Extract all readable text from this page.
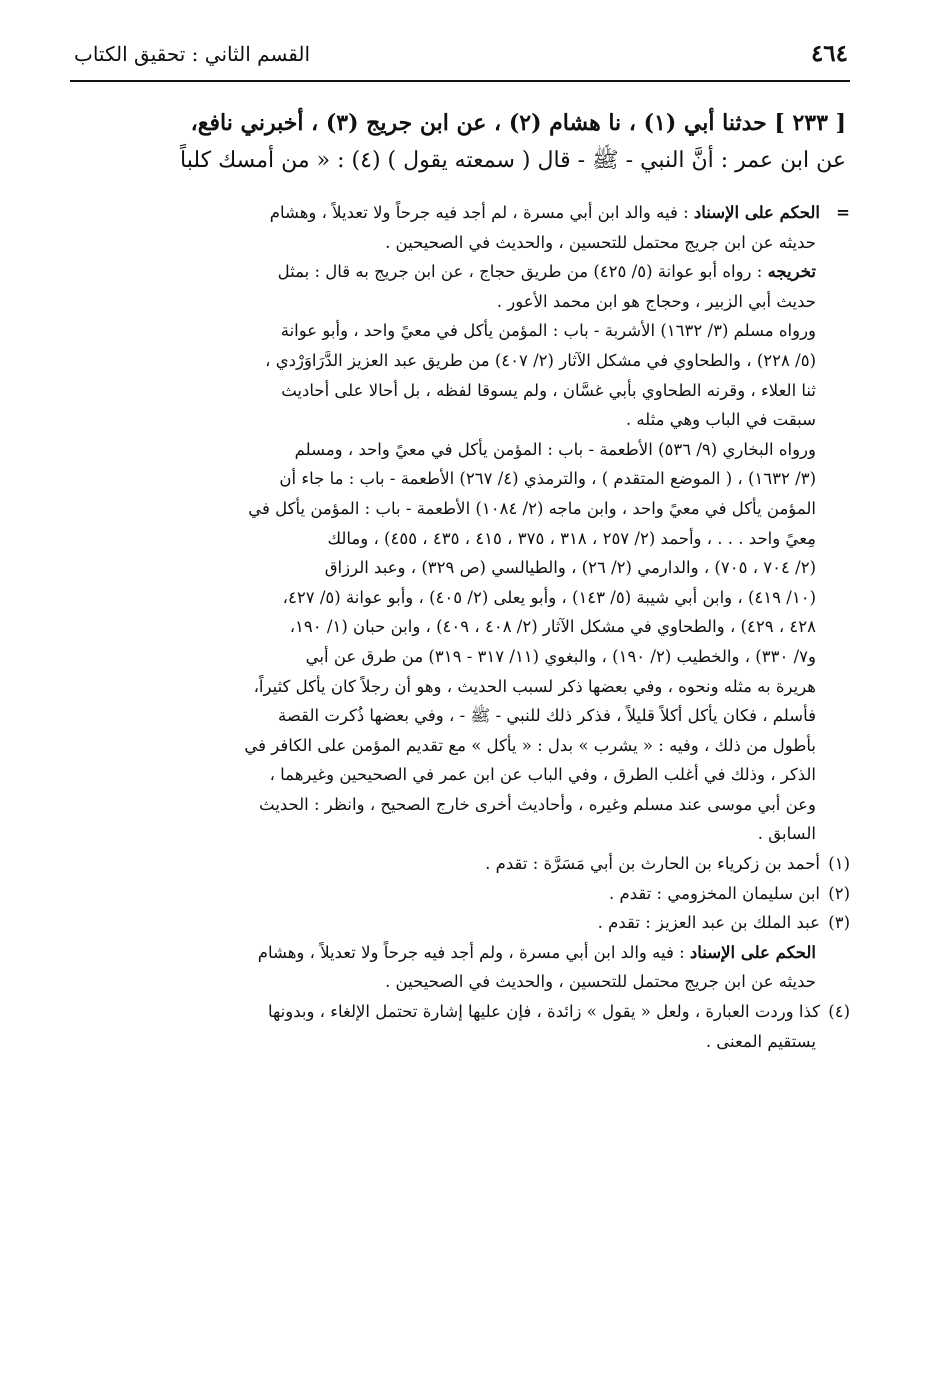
٤٦٤
القسم الثاني : تحقيق الكتاب
[ ٢٣٣ ] حدثنا أبي (١) ، نا هشام (٢) ، عن ابن جريج (٣) ، أخبرني نافع،
عن ابن عمر : أنَّ النبي - ﷺ - قال ( سمعته يقول ) (٤) : « من أمسك كلباً
=الحكم على الإسناد : فيه والد ابن أبي مسرة ، لم أجد فيه جرحاً ولا تعديلاً ، وهشام
حديثه عن ابن جريج محتمل للتحسين ، والحديث في الصحيحين .
تخريجه : رواه أبو عوانة (٥/ ٤٢٥) من طريق حجاج ، عن ابن جريج به قال : بمثل
حديث أبي الزبير ، وحجاج هو ابن محمد الأعور .
ورواه مسلم (٣/ ١٦٣٢) الأشربة - باب : المؤمن يأكل في معيً واحد ، وأبو عوانة
(٥/ ٢٢٨) ، والطحاوي في مشكل الآثار (٢/ ٤٠٧) من طريق عبد العزيز الدَّرَاوَرْدي ،
ثنا العلاء ، وقرنه الطحاوي بأبي غسَّان ، ولم يسوقا لفظه ، بل أحالا على أحاديث
سبقت في الباب وهي مثله .
ورواه البخاري (٩/ ٥٣٦) الأطعمة - باب : المؤمن يأكل في معيً واحد ، ومسلم
(٣/ ١٦٣٢) ، ( الموضع المتقدم ) ، والترمذي (٤/ ٢٦٧) الأطعمة - باب : ما جاء أن
المؤمن يأكل في معيً واحد ، وابن ماجه (٢/ ١٠٨٤) الأطعمة - باب : المؤمن يأكل في
مِعيً واحد . . . ، وأحمد (٢/ ٢٥٧ ، ٣١٨ ، ٣٧٥ ، ٤١٥ ، ٤٣٥ ، ٤٥٥) ، ومالك
(٢/ ٧٠٤ ، ٧٠٥) ، والدارمي (٢/ ٢٦) ، والطيالسي (ص ٣٢٩) ، وعبد الرزاق
(١٠/ ٤١٩) ، وابن أبي شيبة (٥/ ١٤٣) ، وأبو يعلى (٢/ ٤٠٥) ، وأبو عوانة (٥/ ٤٢٧،
٤٢٨ ، ٤٢٩) ، والطحاوي في مشكل الآثار (٢/ ٤٠٨ ، ٤٠٩) ، وابن حبان (١/ ١٩٠،
و٧/ ٣٣٠) ، والخطيب (٢/ ١٩٠) ، والبغوي (١١/ ٣١٧ - ٣١٩) من طرق عن أبي
هريرة به مثله ونحوه ، وفي بعضها ذكر لسبب الحديث ، وهو أن رجلاً كان يأكل كثيراً،
فأسلم ، فكان يأكل أكلاً قليلاً ، فذكر ذلك للنبي - ﷺ - ، وفي بعضها ذُكرت القصة
بأطول من ذلك ، وفيه : « يشرب » بدل : « يأكل » مع تقديم المؤمن على الكافر في
الذكر ، وذلك في أغلب الطرق ، وفي الباب عن ابن عمر في الصحيحين وغيرهما ،
وعن أبي موسى عند مسلم وغيره ، وأحاديث أخرى خارج الصحيح ، وانظر : الحديث
السابق .
(١)أحمد بن زكرياء بن الحارث بن أبي مَسَرَّة : تقدم .
(٢)ابن سليمان المخزومي : تقدم .
(٣)عبد الملك بن عبد العزيز : تقدم .
الحكم على الإسناد : فيه والد ابن أبي مسرة ، ولم أجد فيه جرحاً ولا تعديلاً ، وهشام
حديثه عن ابن جريج محتمل للتحسين ، والحديث في الصحيحين .
(٤)كذا وردت العبارة ، ولعل « يقول » زائدة ، فإن عليها إشارة تحتمل الإلغاء ، وبدونها
يستقيم المعنى .
